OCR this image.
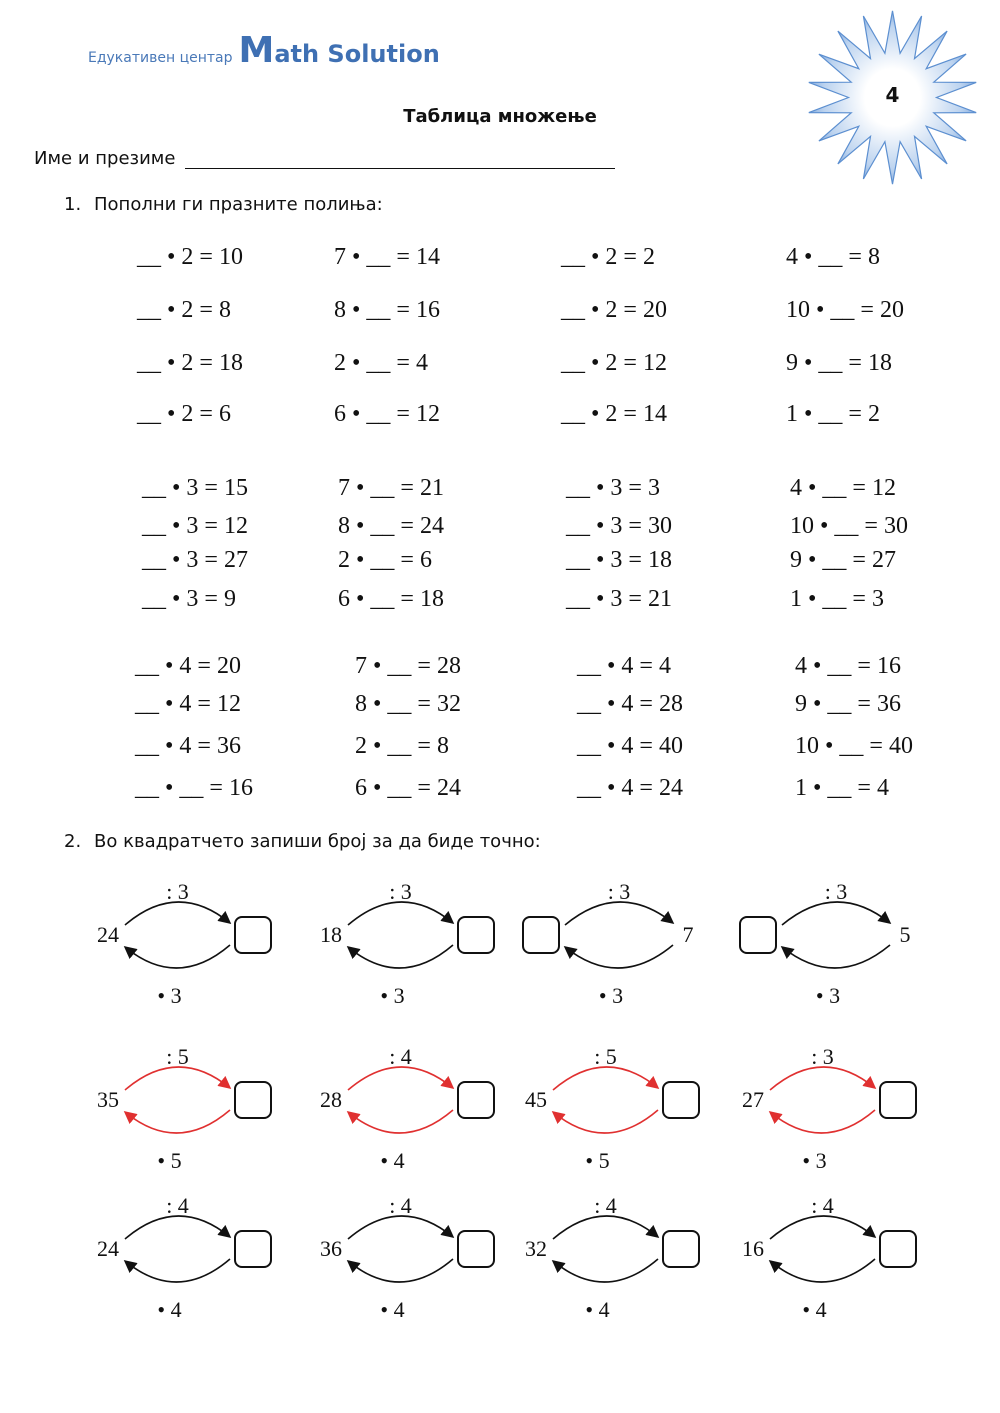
Едукативен центар Math Solution
4
Таблица множење
Име и презиме
1. Пополни ги празните полиња:
__ • 2 = 10	7 • __ = 14	__ • 2 = 2	4 • __ = 8
__ • 2 = 8	8 • __ = 16	__ • 2 = 20	10 • __ = 20
__ • 2 = 18	2 • __ = 4	__ • 2 = 12	9 • __ = 18
__ • 2 = 6	6 • __ = 12	__ • 2 = 14	1 • __ = 2
__ • 3 = 15	7 • __ = 21	__ • 3 = 3	4 • __ = 12
__ • 3 = 12	8 • __ = 24	__ • 3 = 30	10 • __ = 30
__ • 3 = 27	2 • __ = 6	__ • 3 = 18	9 • __ = 27
__ • 3 = 9	6 • __ = 18	__ • 3 = 21	1 • __ = 3
__ • 4 = 20	7 • __ = 28	__ • 4 = 4	4 • __ = 16
__ • 4 = 12	8 • __ = 32	__ • 4 = 28	9 • __ = 36
__ • 4 = 36	2 • __ = 8	__ • 4 = 40	10 • __ = 40
__ • __ = 16	6 • __ = 24	__ • 4 = 24	1 • __ = 4
2. Во квадратчето запиши број за да биде точно:
: 3
• 3
24
: 3
• 3
18
: 3
• 3
7
: 3
• 3
5
: 5
• 5
35
: 4
• 4
28
: 5
• 5
45
: 3
• 3
27
: 4
• 4
24
: 4
• 4
36
: 4
• 4
32
: 4
• 4
16
